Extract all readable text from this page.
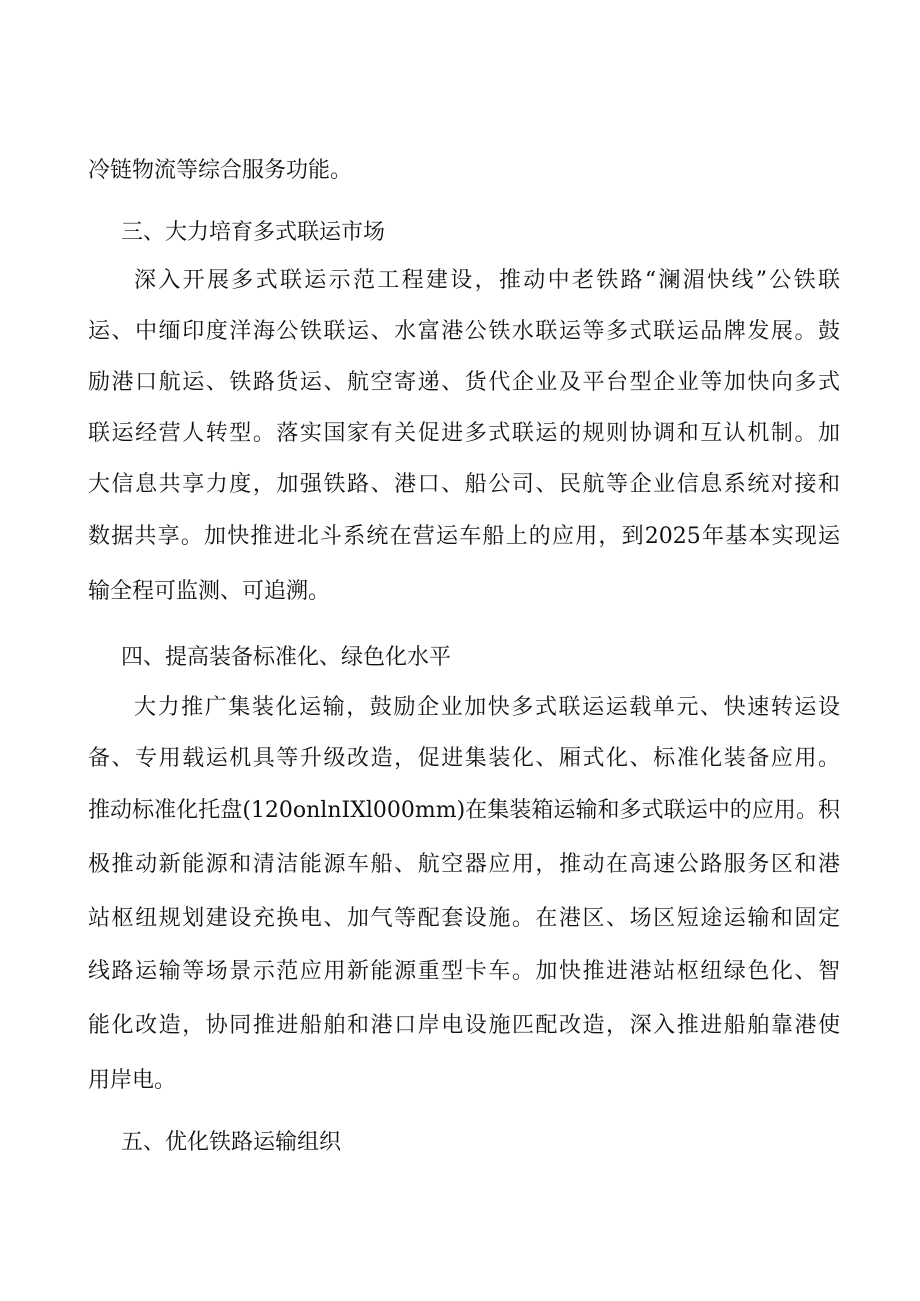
冷链物流等综合服务功能。
三、大力培育多式联运市场
深入开展多式联运示范工程建设，推动中老铁路“澜湄快线”公铁联
运、中缅印度洋海公铁联运、水富港公铁水联运等多式联运品牌发展。鼓
励港口航运、铁路货运、航空寄递、货代企业及平台型企业等加快向多式
联运经营人转型。落实国家有关促进多式联运的规则协调和互认机制。加
大信息共享力度，加强铁路、港口、船公司、民航等企业信息系统对接和
数据共享。加快推进北斗系统在营运车船上的应用，到2025年基本实现运
输全程可监测、可追溯。
四、提高装备标准化、绿色化水平
大力推广集装化运输，鼓励企业加快多式联运运载单元、快速转运设
备、专用载运机具等升级改造，促进集装化、厢式化、标准化装备应用。
推动标准化托盘(120onlnIXl000mm)在集装箱运输和多式联运中的应用。积
极推动新能源和清洁能源车船、航空器应用，推动在高速公路服务区和港
站枢纽规划建设充换电、加气等配套设施。在港区、场区短途运输和固定
线路运输等场景示范应用新能源重型卡车。加快推进港站枢纽绿色化、智
能化改造，协同推进船舶和港口岸电设施匹配改造，深入推进船舶靠港使
用岸电。
五、优化铁路运输组织
